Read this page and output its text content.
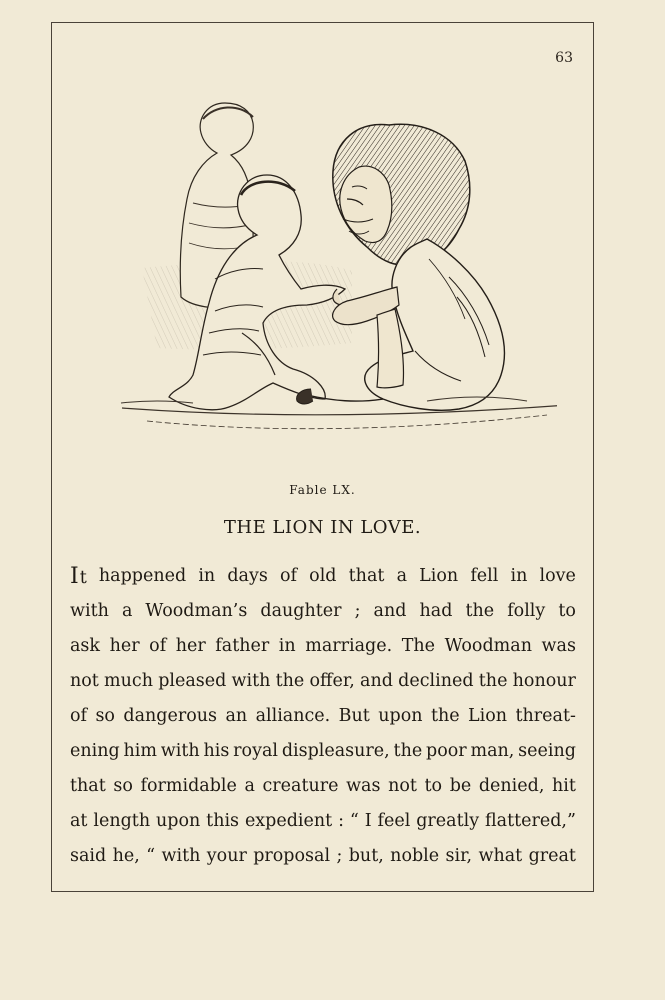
63
Fable LX.
THE LION IN LOVE.
It happened in days of old that a Lion fell in love
with a Woodman’s daughter ; and had the folly to
ask her of her father in marriage. The Woodman was
not much pleased with the offer, and declined the honour
of so dangerous an alliance. But upon the Lion threat-
ening him with his royal displeasure, the poor man, seeing
that so formidable a creature was not to be denied, hit
at length upon this expedient : “ I feel greatly flattered,”
said he, “ with your proposal ; but, noble sir, what great
